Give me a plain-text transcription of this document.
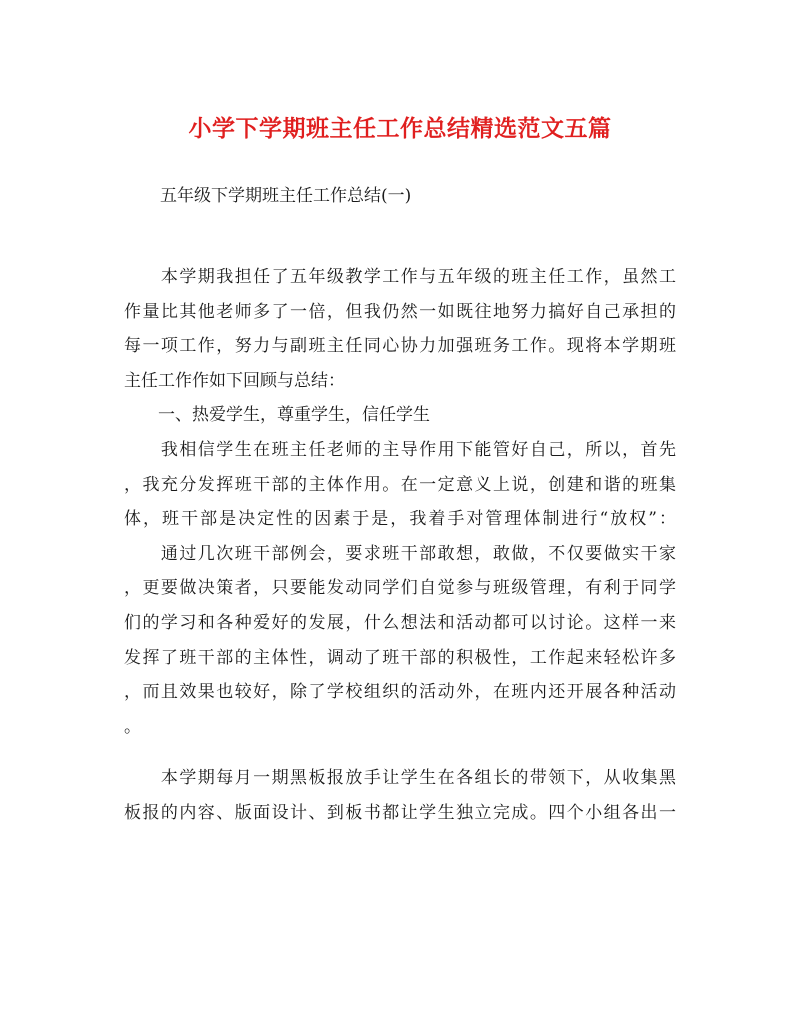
小学下学期班主任工作总结精选范文五篇
五年级下学期班主任工作总结(一)
　　本学期我担任了五年级教学工作与五年级的班主任工作，虽然工
作量比其他老师多了一倍，但我仍然一如既往地努力搞好自己承担的
每一项工作，努力与副班主任同心协力加强班务工作。现将本学期班
主任工作作如下回顾与总结：
　　一、热爱学生，尊重学生，信任学生
　　我相信学生在班主任老师的主导作用下能管好自己，所以，首先
，我充分发挥班干部的主体作用。在一定意义上说，创建和谐的班集
体，班干部是决定性的因素于是，我着手对管理体制进行“放权”：
　　通过几次班干部例会，要求班干部敢想，敢做，不仅要做实干家
，更要做决策者，只要能发动同学们自觉参与班级管理，有利于同学
们的学习和各种爱好的发展，什么想法和活动都可以讨论。这样一来
发挥了班干部的主体性，调动了班干部的积极性，工作起来轻松许多
，而且效果也较好，除了学校组织的活动外，在班内还开展各种活动
。
　　本学期每月一期黑板报放手让学生在各组长的带领下，从收集黑
板报的内容、版面设计、到板书都让学生独立完成。四个小组各出一
